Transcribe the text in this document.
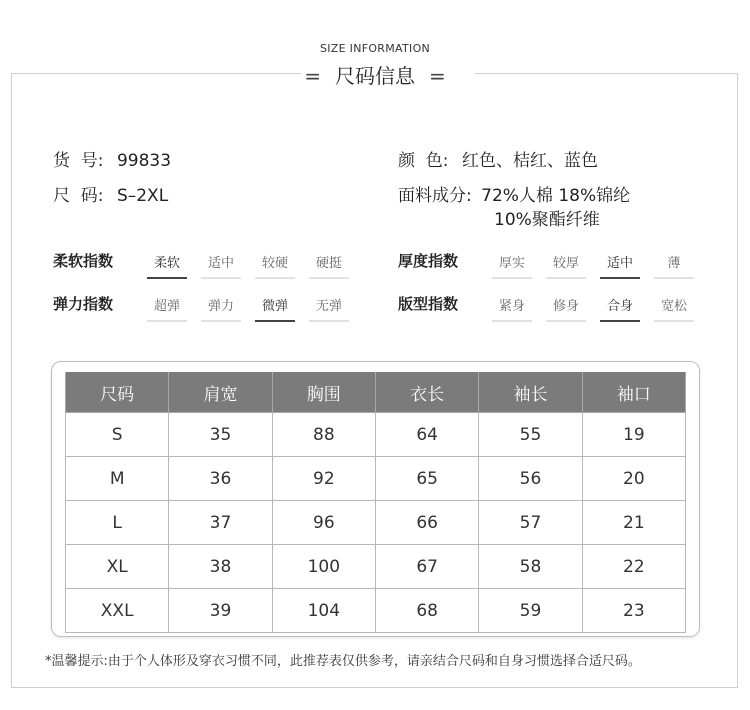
SIZE INFORMATION
= 尺码信息 =
货  号: 99833
尺  码: S–2XL
颜  色: 红色、桔红、蓝色
面料成分: 72%人棉 18%锦纶
10%聚酯纤维
柔软指数	柔软	适中	较硬	硬挺
弹力指数	超弹	弹力	微弹	无弹
厚度指数	厚实	较厚	适中	薄
版型指数	紧身	修身	合身	宽松
尺码	肩宽	胸围	衣长	袖长	袖口
S	35	88	64	55	19
M	36	92	65	56	20
L	37	96	66	57	21
XL	38	100	67	58	22
XXL	39	104	68	59	23
*温馨提示:由于个人体形及穿衣习惯不同，此推荐表仅供参考，请亲结合尺码和自身习惯选择合适尺码。
